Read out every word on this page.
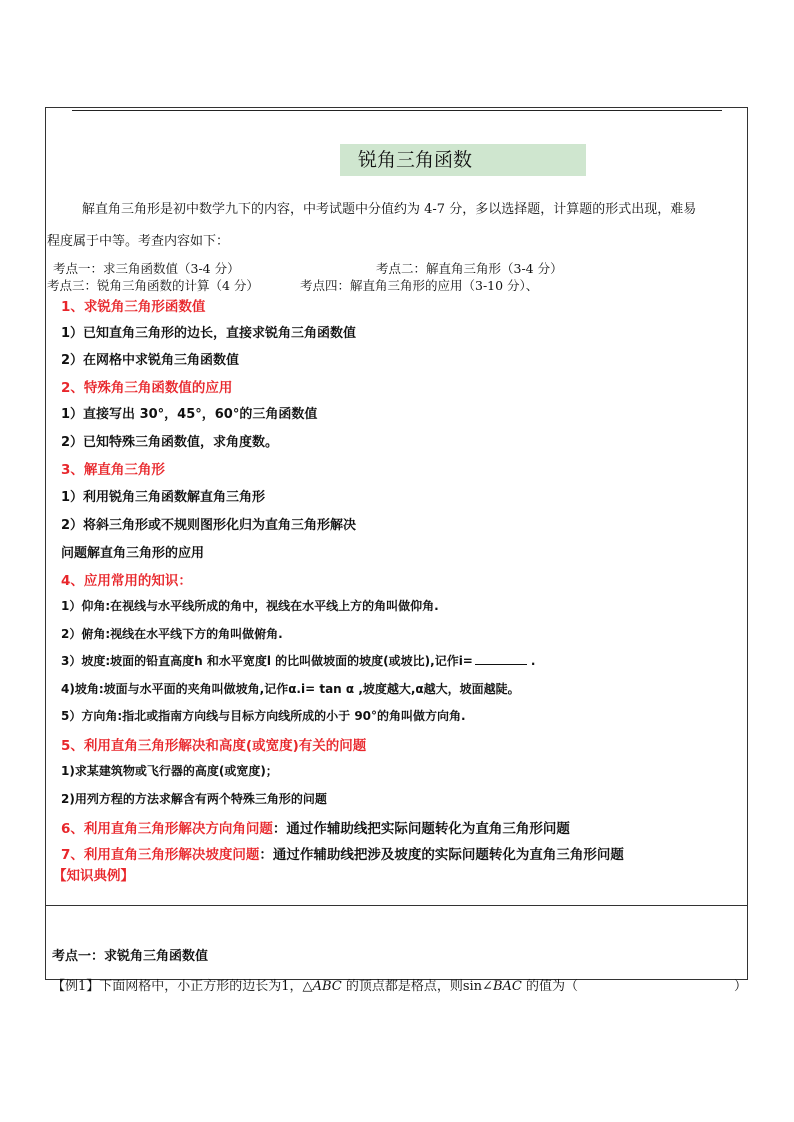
锐角三角函数
解直角三角形是初中数学九下的内容，中考试题中分值约为 4-7 分，多以选择题，计算题的形式出现，难易
程度属于中等。考查内容如下：
考点一：求三角函数值（3-4 分）	考点二：解直角三角形（3-4 分）
考点三：锐角三角函数的计算（4 分）	考点四：解直角三角形的应用（3-10 分）、
1、求锐角三角形函数值
1）已知直角三角形的边长，直接求锐角三角函数值
2）在网格中求锐角三角函数值
2、特殊角三角函数值的应用
1）直接写出 30°，45°，60°的三角函数值
2）已知特殊三角函数值，求角度数。
3、解直角三角形
1）利用锐角三角函数解直角三角形
2）将斜三角形或不规则图形化归为直角三角形解决
问题解直角三角形的应用
4、应用常用的知识：
1）仰角:在视线与水平线所成的角中，视线在水平线上方的角叫做仰角.
2）俯角:视线在水平线下方的角叫做俯角.
3）坡度:坡面的铅直高度h 和水平宽度l 的比叫做坡面的坡度(或坡比),记作i=	.
4)坡角:坡面与水平面的夹角叫做坡角,记作α.i= tan α ,坡度越大,α越大，坡面越陡。
5）方向角:指北或指南方向线与目标方向线所成的小于 90°的角叫做方向角.
5、利用直角三角形解决和高度(或宽度)有关的问题
1)求某建筑物或飞行器的高度(或宽度)；
2)用列方程的方法求解含有两个特殊三角形的问题
6、利用直角三角形解决方向角问题：通过作辅助线把实际问题转化为直角三角形问题
7、利用直角三角形解决坡度问题：通过作辅助线把涉及坡度的实际问题转化为直角三角形问题
【知识典例】
考点一：求锐角三角函数值
【例1】下面网格中，小正方形的边长为1，△ABC 的顶点都是格点，则sin∠BAC 的值为（	）
